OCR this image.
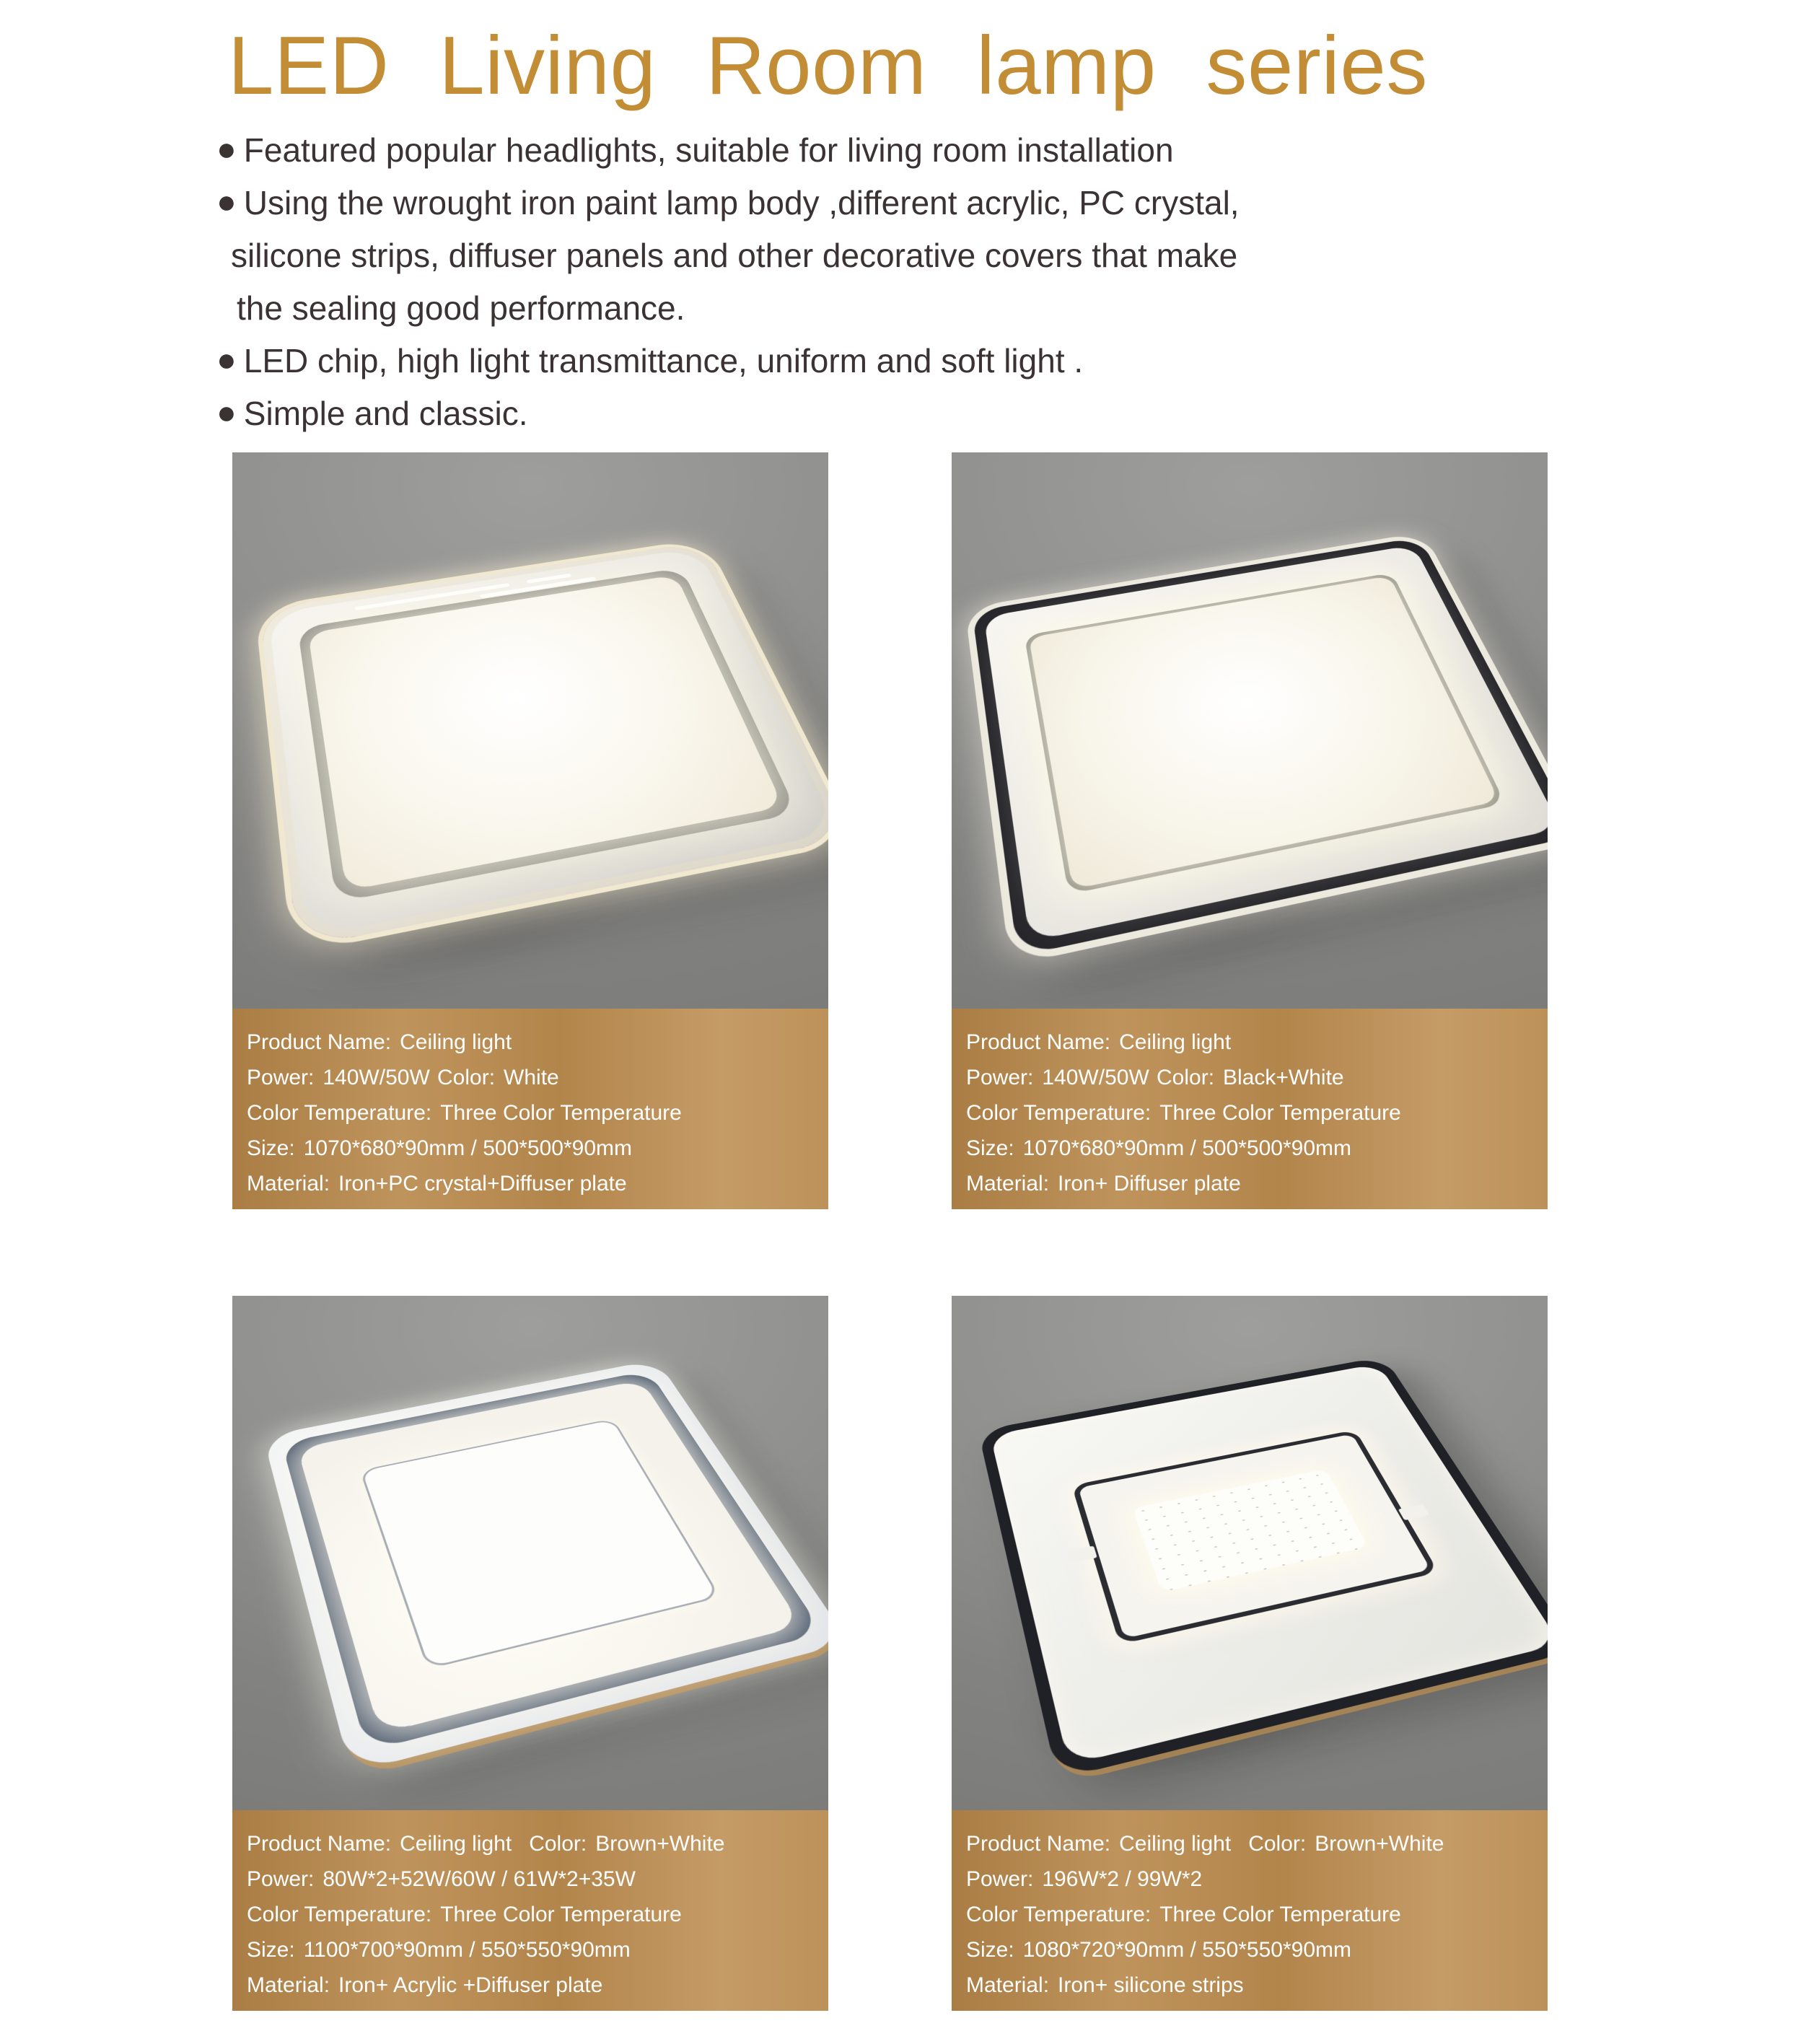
LED Living Room lamp series
● Featured popular headlights, suitable for living room installation
● Using the wrought iron paint lamp body ,different acrylic, PC crystal,
silicone strips, diffuser panels and other decorative covers that make
the sealing good performance.
● LED chip, high light transmittance, uniform and soft light .
● Simple and classic.
Product Name: Ceiling light
Power: 140W/50W Color: White
Color Temperature: Three Color Temperature
Size: 1070*680*90mm / 500*500*90mm
Material: Iron+PC crystal+Diffuser plate
Product Name: Ceiling light
Power: 140W/50W Color: Black+White
Color Temperature: Three Color Temperature
Size: 1070*680*90mm / 500*500*90mm
Material: Iron+ Diffuser plate
Product Name: Ceiling light Color: Brown+White
Power: 80W*2+52W/60W / 61W*2+35W
Color Temperature: Three Color Temperature
Size: 1100*700*90mm / 550*550*90mm
Material: Iron+ Acrylic +Diffuser plate
Product Name: Ceiling light Color: Brown+White
Power: 196W*2 / 99W*2
Color Temperature: Three Color Temperature
Size: 1080*720*90mm / 550*550*90mm
Material: Iron+ silicone strips
